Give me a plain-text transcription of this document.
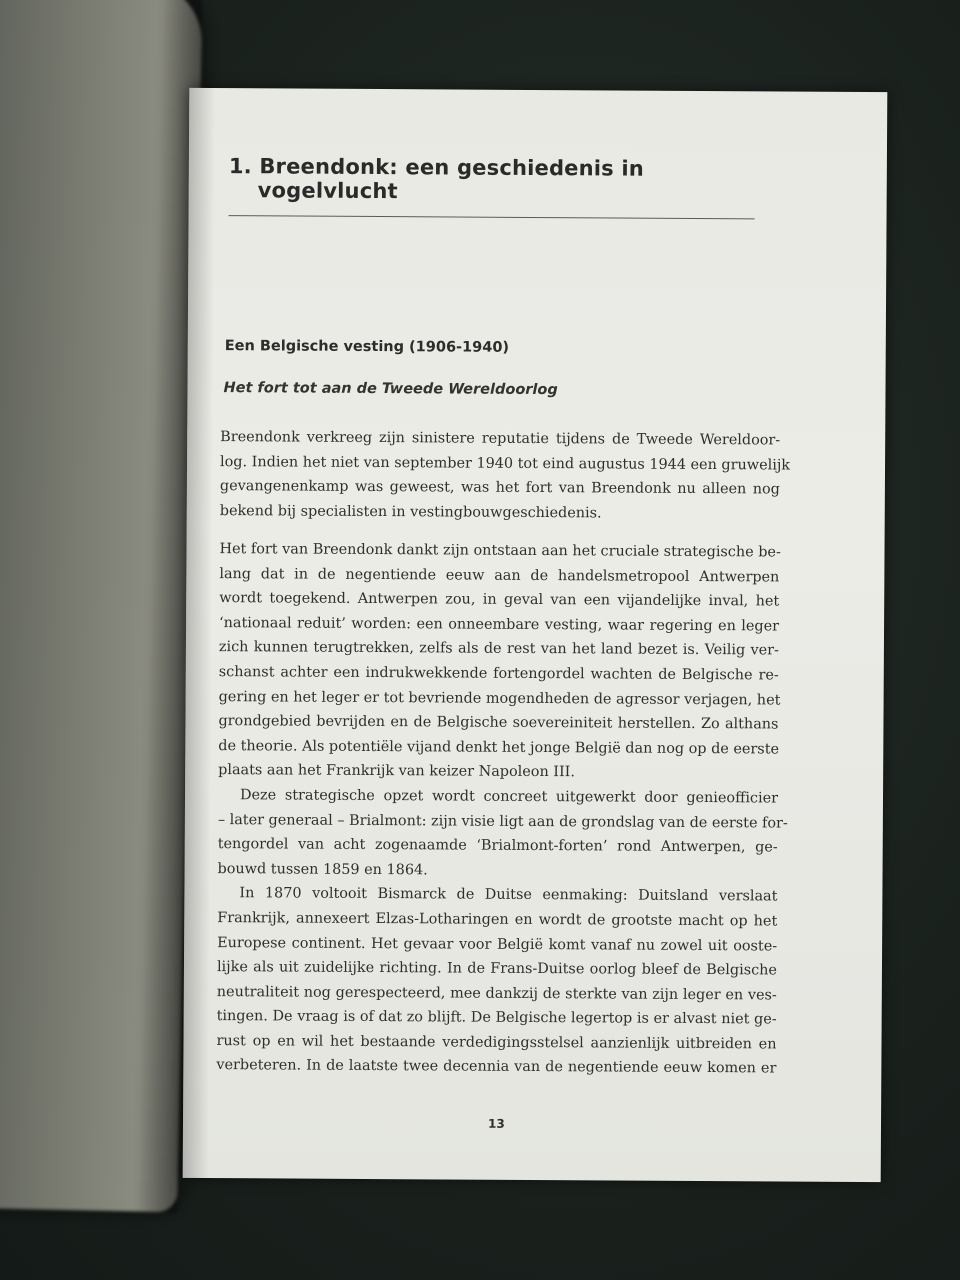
1. Breendonk: een geschiedenis in
vogelvlucht
Een Belgische vesting (1906-1940)
Het fort tot aan de Tweede Wereldoorlog
Breendonk verkreeg zijn sinistere reputatie tijdens de Tweede Wereldoor-
log. Indien het niet van september 1940 tot eind augustus 1944 een gruwelijk
gevangenenkamp was geweest, was het fort van Breendonk nu alleen nog
bekend bij specialisten in vestingbouwgeschiedenis.
Het fort van Breendonk dankt zijn ontstaan aan het cruciale strategische be-
lang dat in de negentiende eeuw aan de handelsmetropool Antwerpen
wordt toegekend. Antwerpen zou, in geval van een vijandelijke inval, het
‘nationaal reduit’ worden: een onneembare vesting, waar regering en leger
zich kunnen terugtrekken, zelfs als de rest van het land bezet is. Veilig ver-
schanst achter een indrukwekkende fortengordel wachten de Belgische re-
gering en het leger er tot bevriende mogendheden de agressor verjagen, het
grondgebied bevrijden en de Belgische soevereiniteit herstellen. Zo althans
de theorie. Als potentiële vijand denkt het jonge België dan nog op de eerste
plaats aan het Frankrijk van keizer Napoleon III.
Deze strategische opzet wordt concreet uitgewerkt door genieofficier
– later generaal – Brialmont: zijn visie ligt aan de grondslag van de eerste for-
tengordel van acht zogenaamde ‘Brialmont-forten’ rond Antwerpen, ge-
bouwd tussen 1859 en 1864.
In 1870 voltooit Bismarck de Duitse eenmaking: Duitsland verslaat
Frankrijk, annexeert Elzas-Lotharingen en wordt de grootste macht op het
Europese continent. Het gevaar voor België komt vanaf nu zowel uit ooste-
lijke als uit zuidelijke richting. In de Frans-Duitse oorlog bleef de Belgische
neutraliteit nog gerespecteerd, mee dankzij de sterkte van zijn leger en ves-
tingen. De vraag is of dat zo blijft. De Belgische legertop is er alvast niet ge-
rust op en wil het bestaande verdedigingsstelsel aanzienlijk uitbreiden en
verbeteren. In de laatste twee decennia van de negentiende eeuw komen er
13
